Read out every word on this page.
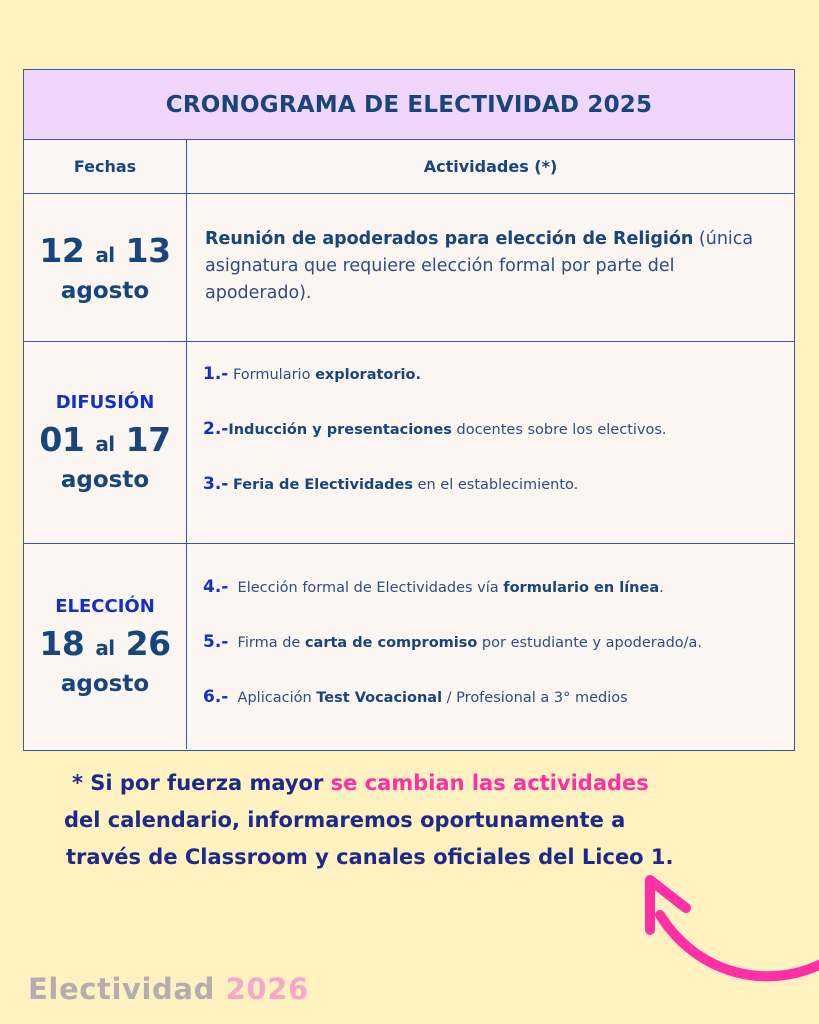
CRONOGRAMA DE ELECTIVIDAD 2025
Fechas	Actividades (*)
12 al 13
agosto
Reunión de apoderados para elección de Religión (única asignatura que requiere elección formal por parte del apoderado).
DIFUSIÓN
01 al 17
agosto
1.- Formulario exploratorio.
2.-Inducción y presentaciones docentes sobre los electivos.
3.- Feria de Electividades en el establecimiento.
ELECCIÓN
18 al 26
agosto
4.-  Elección formal de Electividades vía formulario en línea.
5.-  Firma de carta de compromiso por estudiante y apoderado/a.
6.-  Aplicación Test Vocacional / Profesional a 3° medios
* Si por fuerza mayor se cambian las actividades
del calendario, informaremos oportunamente a
través de Classroom y canales oficiales del Liceo 1.
Electividad 2026
